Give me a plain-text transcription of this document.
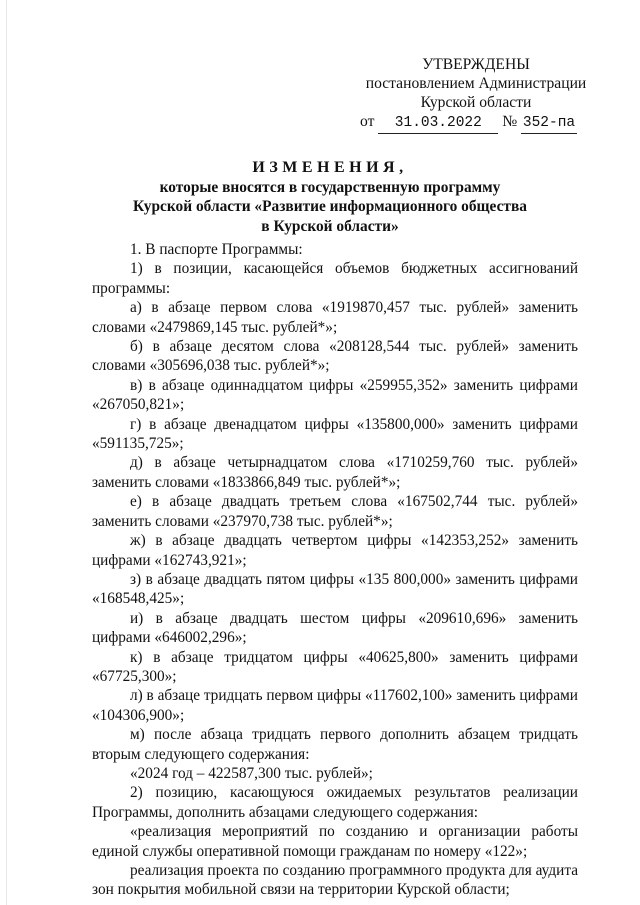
УТВЕРЖДЕНЫ
постановлением Администрации
Курской области
от 31.03.2022 № 352-па
ИЗМЕНЕНИЯ,
которые вносятся в государственную программу
Курской области «Развитие информационного общества
в Курской области»

1. В паспорте Программы:

1) в позиции, касающейся объемов бюджетных ассигнований программы:

а) в абзаце первом слова «1919870,457 тыс. рублей» заменить словами «2479869,145 тыс. рублей*»;

б) в абзаце десятом слова «208128,544 тыс. рублей» заменить словами «305696,038 тыс. рублей*»;

в) в абзаце одиннадцатом цифры «259955,352» заменить цифрами «267050,821»;

г) в абзаце двенадцатом цифры «135800,000» заменить цифрами «591135,725»;

д) в абзаце четырнадцатом слова «1710259,760 тыс. рублей» заменить словами «1833866,849 тыс. рублей*»;

е) в абзаце двадцать третьем слова «167502,744 тыс. рублей» заменить словами «237970,738 тыс. рублей*»;

ж) в абзаце двадцать четвертом цифры «142353,252» заменить цифрами «162743,921»;

з) в абзаце двадцать пятом цифры «135 800,000» заменить цифрами «168548,425»;

и) в абзаце двадцать шестом цифры «209610,696» заменить цифрами «646002,296»;

к) в абзаце тридцатом цифры «40625,800» заменить цифрами «67725,300»;

л) в абзаце тридцать первом цифры «117602,100» заменить цифрами «104306,900»;

м) после абзаца тридцать первого дополнить абзацем тридцать вторым следующего содержания:

«2024 год – 422587,300 тыс. рублей»;

2) позицию, касающуюся ожидаемых результатов реализации Программы, дополнить абзацами следующего содержания:

«реализация мероприятий по созданию и организации работы единой службы оперативной помощи гражданам по номеру «122»;

реализация проекта по созданию программного продукта для аудита зон покрытия мобильной связи на территории Курской области;
